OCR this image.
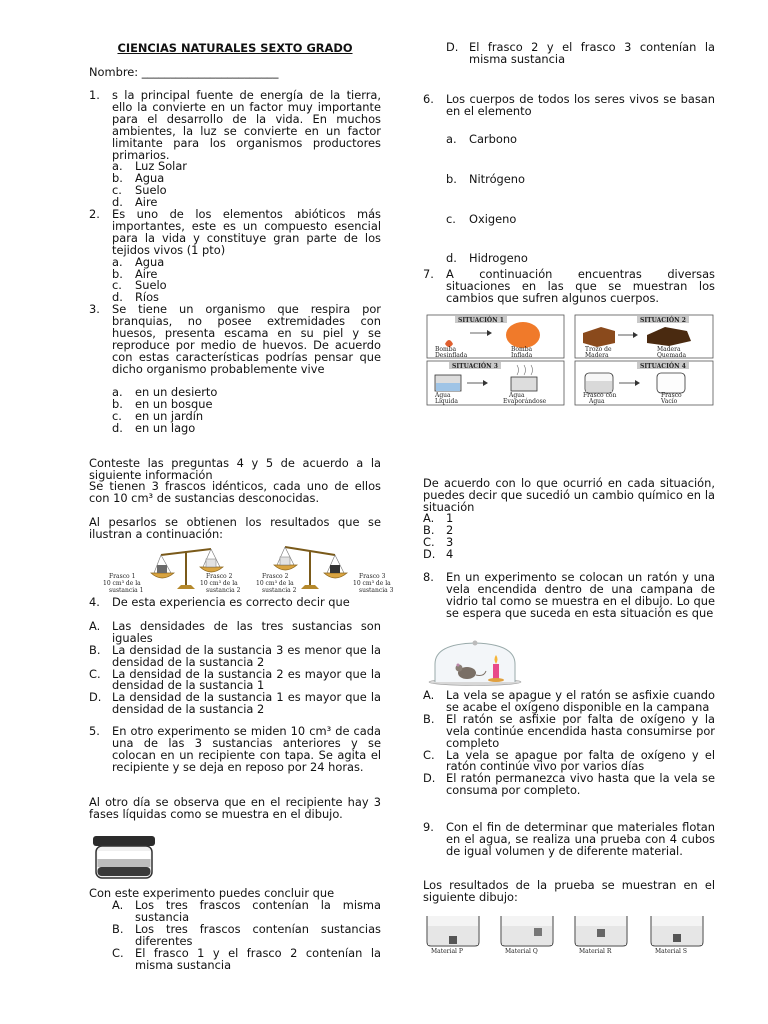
CIENCIAS NATURALES SEXTO GRADO
Nombre: ________________________
1. s la principal fuente de energía de la tierra, ello la convierte en un factor muy importante para el desarrollo de la vida. En muchos ambientes, la luz se convierte en un factor limitante para los organismos productores primarios.
a. Luz Solar
b. Agua
c. Suelo
d. Aire
2. Es uno de los elementos abióticos más importantes, este es un compuesto esencial para la vida y constituye gran parte de los tejidos vivos (1 pto)
a. Agua
b. Aire
c. Suelo
d. Ríos
3. Se tiene un organismo que respira por branquias, no posee extremidades con huesos, presenta escama en su piel y se reproduce por medio de huevos. De acuerdo con estas características podrías pensar que dicho organismo probablemente vive
a. en un desierto
b. en un bosque
c. en un jardín
d. en un lago
Conteste las preguntas 4 y 5 de acuerdo a la siguiente información
Se tienen 3 frascos idénticos, cada uno de ellos con 10 cm³ de sustancias desconocidas.
Al pesarlos se obtienen los resultados que se ilustran a continuación:
Frasco 1
10 cm³ de la
sustancia 1
Frasco 2
10 cm³ de la
sustancia 2
Frasco 2
10 cm³ de la
sustancia 2
Frasco 3
10 cm³ de la
sustancia 3
4. De esta experiencia es correcto decir que
A. Las densidades de las tres sustancias son iguales
B. La densidad de la sustancia 3 es menor que la densidad de la sustancia 2
C. La densidad de la sustancia 2 es mayor que la densidad de la sustancia 1
D. La densidad de la sustancia 1 es mayor que la densidad de la sustancia 2
5. En otro experimento se miden 10 cm³ de cada una de las 3 sustancias anteriores y se colocan en un recipiente con tapa. Se agita el recipiente y se deja en reposo por 24 horas.
Al otro día se observa que en el recipiente hay 3 fases líquidas como se muestra en el dibujo.
Con este experimento puedes concluir que
A. Los tres frascos contenían la misma sustancia
B. Los tres frascos contenían sustancias diferentes
C. El frasco 1 y el frasco 2 contenían la misma sustancia
D. El frasco 2 y el frasco 3 contenían la misma sustancia
6. Los cuerpos de todos los seres vivos se basan en el elemento
a. Carbono
b. Nitrógeno
c. Oxigeno
d. Hidrogeno
7. A continuación encuentras diversas situaciones en las que se muestran los cambios que sufren algunos cuerpos.
SITUACIÓN 1
Bomba
Desinflada
Bomba
Inflada
SITUACIÓN 2
Trozo de
Madera
Madera
Quemada
SITUACIÓN 3
Agua
Líquida
Agua
Evaporándose
SITUACIÓN 4
Frasco con
Agua
Frasco
Vacío
De acuerdo con lo que ocurrió en cada situación, puedes decir que sucedió un cambio químico en la situación
A. 1
B. 2
C. 3
D. 4
8. En un experimento se colocan un ratón y una vela encendida dentro de una campana de vidrio tal como se muestra en el dibujo. Lo que se espera que suceda en esta situación es que
A. La vela se apague y el ratón se asfixie cuando se acabe el oxígeno disponible en la campana
B. El ratón se asfixie por falta de oxígeno y la vela continúe encendida hasta consumirse por completo
C. La vela se apague por falta de oxígeno y el ratón continúe vivo por varios días
D. El ratón permanezca vivo hasta que la vela se consuma por completo.
9. Con el fin de determinar que materiales flotan en el agua, se realiza una prueba con 4 cubos de igual volumen y de diferente material.
Los resultados de la prueba se muestran en el siguiente dibujo:
Material P	Material Q	Material R	Material S
